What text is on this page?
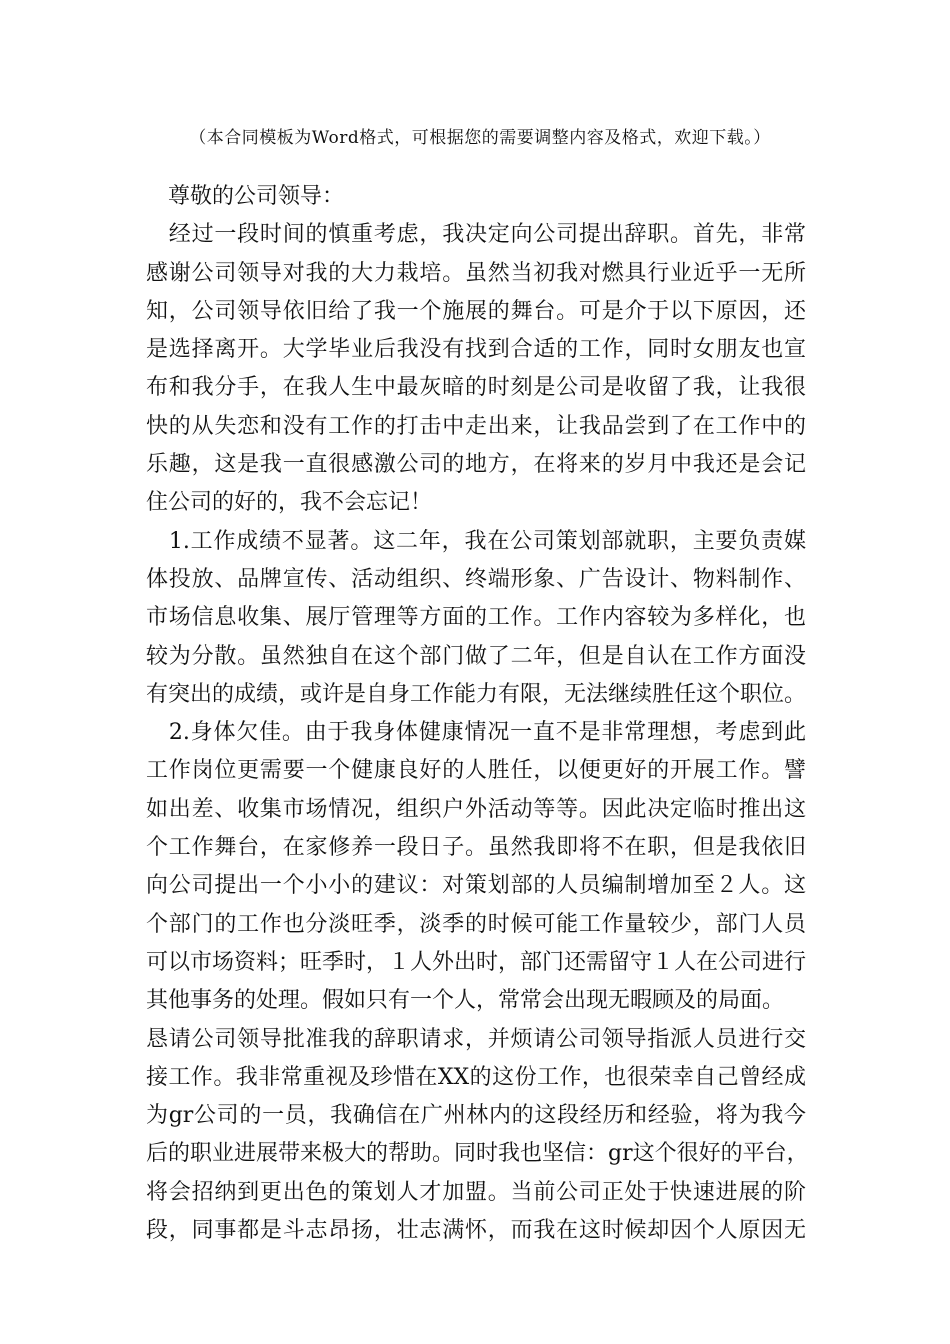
（本合同模板为Word格式，可根据您的需要调整内容及格式，欢迎下载。）
　尊敬的公司领导：
　经过一段时间的慎重考虑，我决定向公司提出辞职。首先，非常
感谢公司领导对我的大力栽培。虽然当初我对燃具行业近乎一无所
知，公司领导依旧给了我一个施展的舞台。可是介于以下原因，还
是选择离开。大学毕业后我没有找到合适的工作，同时女朋友也宣
布和我分手，在我人生中最灰暗的时刻是公司是收留了我，让我很
快的从失恋和没有工作的打击中走出来，让我品尝到了在工作中的
乐趣，这是我一直很感激公司的地方，在将来的岁月中我还是会记
住公司的好的，我不会忘记！
　1.工作成绩不显著。这二年，我在公司策划部就职，主要负责媒
体投放、品牌宣传、活动组织、终端形象、广告设计、物料制作、
市场信息收集、展厅管理等方面的工作。工作内容较为多样化，也
较为分散。虽然独自在这个部门做了二年，但是自认在工作方面没
有突出的成绩，或许是自身工作能力有限，无法继续胜任这个职位。
　2.身体欠佳。由于我身体健康情况一直不是非常理想，考虑到此
工作岗位更需要一个健康良好的人胜任，以便更好的开展工作。譬
如出差、收集市场情况，组织户外活动等等。因此决定临时推出这
个工作舞台，在家修养一段日子。虽然我即将不在职，但是我依旧
向公司提出一个小小的建议：对策划部的人员编制增加至２人。这
个部门的工作也分淡旺季，淡季的时候可能工作量较少，部门人员
可以市场资料；旺季时，１人外出时，部门还需留守１人在公司进行
其他事务的处理。假如只有一个人，常常会出现无暇顾及的局面。
恳请公司领导批准我的辞职请求，并烦请公司领导指派人员进行交
接工作。我非常重视及珍惜在XX的这份工作，也很荣幸自己曾经成
为gr公司的一员，我确信在广州林内的这段经历和经验，将为我今
后的职业进展带来极大的帮助。同时我也坚信：gr这个很好的平台，
将会招纳到更出色的策划人才加盟。当前公司正处于快速进展的阶
段，同事都是斗志昂扬，壮志满怀，而我在这时候却因个人原因无
